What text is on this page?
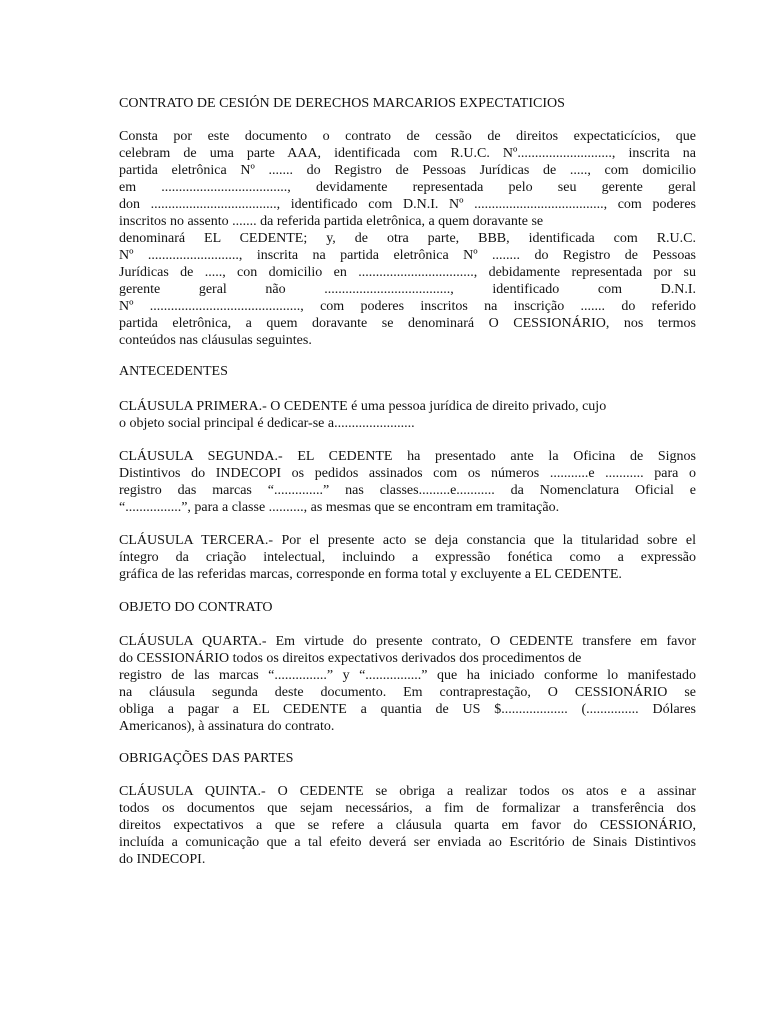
CONTRATO DE CESIÓN DE DERECHOS MARCARIOS EXPECTATICIOS
Consta por este documento o contrato de cessão de direitos expectaticícios, que
celebram de uma parte AAA, identificada com R.U.C. Nº..........................., inscrita na
partida eletrônica Nº ....... do Registro de Pessoas Jurídicas de ....., com domicilio
em ...................................., devidamente representada pelo seu gerente geral
don ...................................., identificado com D.N.I. Nº ....................................., com poderes
inscritos no assento ....... da referida partida eletrônica, a quem doravante se
denominará EL CEDENTE; y, de otra parte, BBB, identificada com R.U.C.
Nº .........................., inscrita na partida eletrônica Nº ........ do Registro de Pessoas
Jurídicas de ....., con domicilio en ................................., debidamente representada por su
gerente geral não ...................................., identificado com D.N.I.
Nº ..........................................., com poderes inscritos na inscrição ....... do referido
partida eletrônica, a quem doravante se denominará O CESSIONÁRIO, nos termos
conteúdos nas cláusulas seguintes.
ANTECEDENTES
CLÁUSULA PRIMERA.- O CEDENTE é uma pessoa jurídica de direito privado, cujo
o objeto social principal é dedicar-se a.......................
CLÁUSULA SEGUNDA.- EL CEDENTE ha presentado ante la Oficina de Signos
Distintivos do INDECOPI os pedidos assinados com os números ...........e ........... para o
registro das marcas “..............” nas classes.........e........... da Nomenclatura Oficial e
“................”, para a classe .........., as mesmas que se encontram em tramitação.
CLÁUSULA TERCERA.- Por el presente acto se deja constancia que la titularidad sobre el
íntegro da criação intelectual, incluindo a expressão fonética como a expressão
gráfica de las referidas marcas, corresponde en forma total y excluyente a EL CEDENTE.
OBJETO DO CONTRATO
CLÁUSULA QUARTA.- Em virtude do presente contrato, O CEDENTE transfere em favor
do CESSIONÁRIO todos os direitos expectativos derivados dos procedimentos de
registro de las marcas “...............” y “................” que ha iniciado conforme lo manifestado
na cláusula segunda deste documento. Em contraprestação, O CESSIONÁRIO se
obliga a pagar a EL CEDENTE a quantia de US $................... (............... Dólares
Americanos), à assinatura do contrato.
OBRIGAÇÕES DAS PARTES
CLÁUSULA QUINTA.- O CEDENTE se obriga a realizar todos os atos e a assinar
todos os documentos que sejam necessários, a fim de formalizar a transferência dos
direitos expectativos a que se refere a cláusula quarta em favor do CESSIONÁRIO,
incluída a comunicação que a tal efeito deverá ser enviada ao Escritório de Sinais Distintivos
do INDECOPI.
